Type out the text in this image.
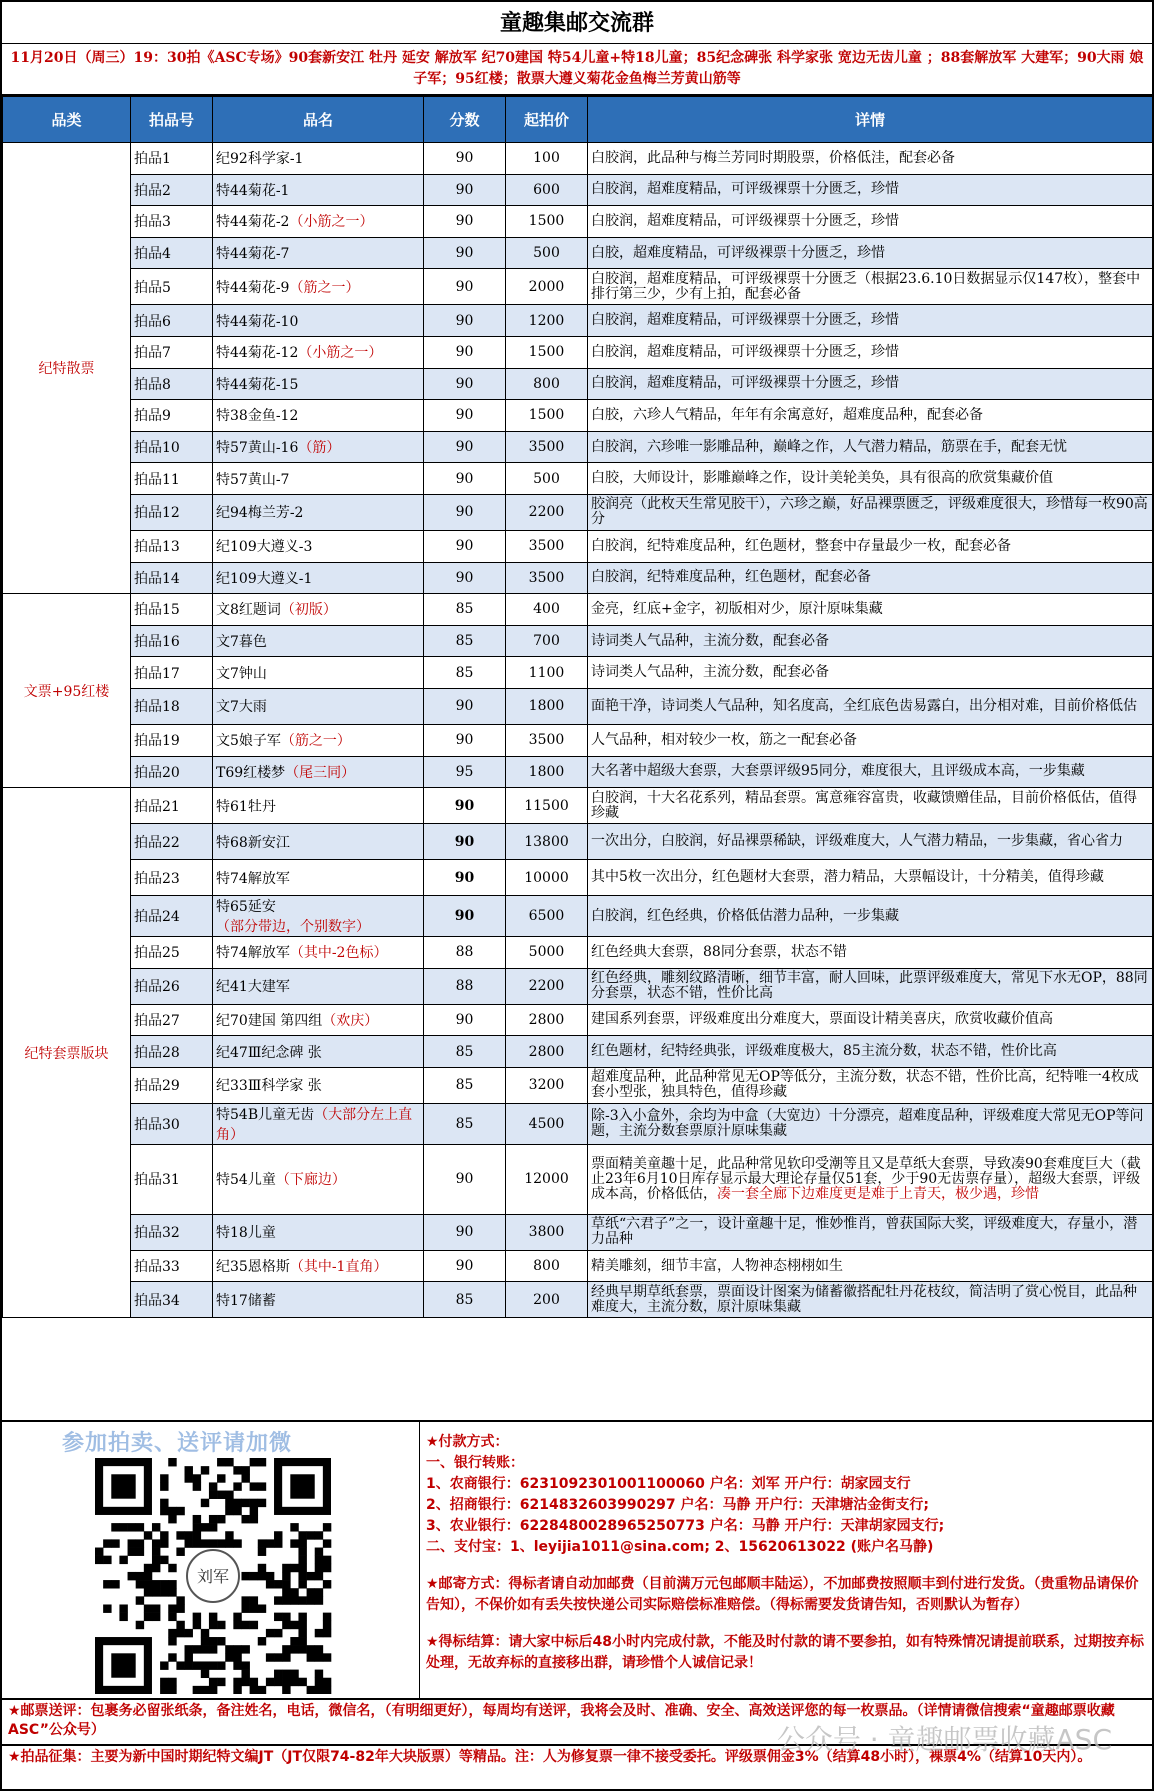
童趣集邮交流群
11月20日（周三）19：30拍《ASC专场》90套新安江 牡丹 延安 解放军 纪70建国 特54儿童+特18儿童；85纪念碑张 科学家张 宽边无齿儿童 ；88套解放军 大建军；90大雨 娘子军；95红楼；散票大遵义菊花金鱼梅兰芳黄山筋等
品类	拍品号	品名	分数	起拍价	详情
纪特散票	拍品1	纪92科学家-1	90	100	白胶润，此品种与梅兰芳同时期股票，价格低洼，配套必备
	拍品2	特44菊花-1	90	600	白胶润，超难度精品，可评级裸票十分匮乏，珍惜
	拍品3	特44菊花-2（小筋之一）	90	1500	白胶润，超难度精品，可评级裸票十分匮乏，珍惜
	拍品4	特44菊花-7	90	500	白胶，超难度精品，可评级裸票十分匮乏，珍惜
	拍品5	特44菊花-9（筋之一）	90	2000	白胶润，超难度精品，可评级裸票十分匮乏（根据23.6.10日数据显示仅147枚），整套中排行第三少，少有上拍，配套必备
	拍品6	特44菊花-10	90	1200	白胶润，超难度精品，可评级裸票十分匮乏，珍惜
	拍品7	特44菊花-12（小筋之一）	90	1500	白胶润，超难度精品，可评级裸票十分匮乏，珍惜
	拍品8	特44菊花-15	90	800	白胶润，超难度精品，可评级裸票十分匮乏，珍惜
	拍品9	特38金鱼-12	90	1500	白胶，六珍人气精品，年年有余寓意好，超难度品种，配套必备
	拍品10	特57黄山-16（筋）	90	3500	白胶润，六珍唯一影雕品种，巅峰之作，人气潜力精品，筋票在手，配套无忧
	拍品11	特57黄山-7	90	500	白胶，大师设计，影雕巅峰之作，设计美轮美奂，具有很高的欣赏集藏价值
	拍品12	纪94梅兰芳-2	90	2200	胶润亮（此枚天生常见胶干），六珍之巅，好品裸票匮乏，评级难度很大，珍惜每一枚90高分
	拍品13	纪109大遵义-3	90	3500	白胶润，纪特难度品种，红色题材，整套中存量最少一枚，配套必备
	拍品14	纪109大遵义-1	90	3500	白胶润，纪特难度品种，红色题材，配套必备
文票+95红楼	拍品15	文8红题词（初版）	85	400	金亮，红底+金字，初版相对少，原汁原味集藏
	拍品16	文7暮色	85	700	诗词类人气品种，主流分数，配套必备
	拍品17	文7钟山	85	1100	诗词类人气品种，主流分数，配套必备
	拍品18	文7大雨	90	1800	面艳干净，诗词类人气品种，知名度高，全红底色齿易露白，出分相对难，目前价格低估
	拍品19	文5娘子军（筋之一）	90	3500	人气品种，相对较少一枚，筋之一配套必备
	拍品20	T69红楼梦（尾三同）	95	1800	大名著中超级大套票，大套票评级95同分，难度很大，且评级成本高，一步集藏
纪特套票版块	拍品21	特61牡丹	90	11500	白胶润，十大名花系列，精品套票。寓意雍容富贵，收藏馈赠佳品，目前价格低估，值得珍藏
	拍品22	特68新安江	90	13800	一次出分，白胶润，好品裸票稀缺，评级难度大，人气潜力精品，一步集藏，省心省力
	拍品23	特74解放军	90	10000	其中5枚一次出分，红色题材大套票，潜力精品，大票幅设计，十分精美，值得珍藏
	拍品24	特65延安（部分带边，个别数字）	90	6500	白胶润，红色经典，价格低估潜力品种，一步集藏
	拍品25	特74解放军（其中-2色标）	88	5000	红色经典大套票，88同分套票，状态不错
	拍品26	纪41大建军	88	2200	红色经典，雕刻纹路清晰，细节丰富，耐人回味，此票评级难度大，常见下水无OP，88同分套票，状态不错，性价比高
	拍品27	纪70建国 第四组（欢庆）	90	2800	建国系列套票，评级难度出分难度大，票面设计精美喜庆，欣赏收藏价值高
	拍品28	纪47Ⅲ纪念碑 张	85	2800	红色题材，纪特经典张，评级难度极大，85主流分数，状态不错，性价比高
	拍品29	纪33Ⅲ科学家 张	85	3200	超难度品种，此品种常见无OP等低分，主流分数，状态不错，性价比高，纪特唯一4枚成套小型张，独具特色，值得珍藏
	拍品30	特54B儿童无齿（大部分左上直角）	85	4500	除-3入小盒外，余均为中盒（大宽边）十分漂亮，超难度品种，评级难度大常见无OP等问题，主流分数套票原汁原味集藏
	拍品31	特54儿童（下廊边）	90	12000	票面精美童趣十足，此品种常见软印受潮等且又是草纸大套票，导致凑90套难度巨大（截止23年6月10日库存显示最大理论存量仅51套，少于90无齿票存量），超级大套票，评级成本高，价格低估，凑一套全廊下边难度更是难于上青天，极少遇，珍惜
	拍品32	特18儿童	90	3800	草纸“六君子”之一，设计童趣十足，惟妙惟肖，曾获国际大奖，评级难度大，存量小，潜力品种
	拍品33	纪35恩格斯（其中-1直角）	90	800	精美雕刻，细节丰富，人物神态栩栩如生
	拍品34	特17储蓄	85	200	经典早期草纸套票，票面设计图案为储蓄徽搭配牡丹花枝纹，简洁明了赏心悦目，此品种难度大，主流分数，原汁原味集藏
参加拍卖、送评请加微
刘军
★付款方式：
一、银行转账：
1、农商银行：6231092301001100060 户名：刘军 开户行：胡家园支行
2、招商银行：6214832603990297 户名：马静 开户行：天津塘沽金街支行;
3、农业银行：6228480028965250773 户名：马静 开户行：天津胡家园支行;
二、支付宝：1、leyijia1011@sina.com; 2、15620613022 (账户名马静)
★邮寄方式：得标者请自动加邮费（目前满万元包邮顺丰陆运），不加邮费按照顺丰到付进行发货。（贵重物品请保价告知），不保价如有丢失按快递公司实际赔偿标准赔偿。（得标需要发货请告知，否则默认为暂存）
★得标结算：请大家中标后48小时内完成付款，不能及时付款的请不要参拍，如有特殊情况请提前联系，过期按弃标处理，无故弃标的直接移出群，请珍惜个人诚信记录！
★邮票送评：包裹务必留张纸条，备注姓名，电话，微信名，（有明细更好），每周均有送评，我将会及时、准确、安全、高效送评您的每一枚票品。（详情请微信搜索“童趣邮票收藏ASC”公众号）
★拍品征集：主要为新中国时期纪特文编JT（JT仅限74-82年大块版票）等精品。注：人为修复票一律不接受委托。评级票佣金3%（结算48小时），裸票4%（结算10天内）。
公众号 · 童趣邮票收藏ASC
